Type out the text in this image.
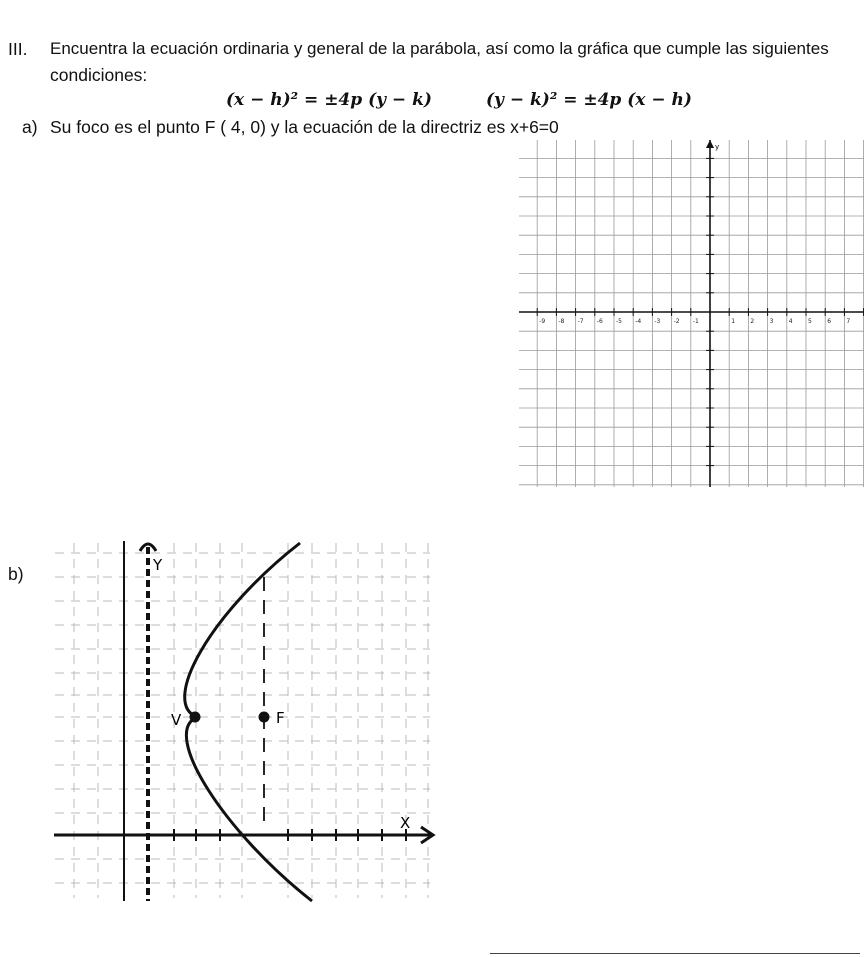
III. Encuentra la ecuación ordinaria y general de la parábola, así como la gráfica que cumple las siguientes
condiciones:
(x − h)² = ±4p (y − k)	(y − k)² = ±4p (x − h)
a) Su foco es el punto F ( 4, 0) y la ecuación de la directriz es x+6=0
y
-9 -8 -7 -6 -5 -4 -3 -2 -1	1	2	3	4	5	6	7
b)	Y
X
V	F
